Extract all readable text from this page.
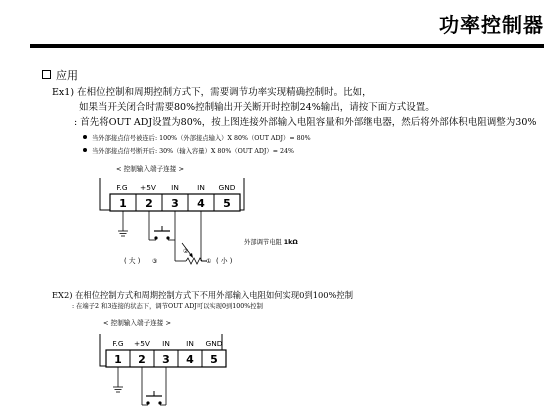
功率控制器
应用
Ex1) 在相位控制和周期控制方式下，需要调节功率实现精确控制时。比如，
如果当开关闭合时需要80%控制输出开关断开时控制24%输出，请按下面方式设置。
: 首先将OUT ADJ设置为80%，按上图连接外部输入电阻容量和外部继电器，然后将外部体积电阻调整为30%
当外部接点信号被连后: 100%（外部接点输入）X 80%（OUT ADJ）= 80%
当外部接点信号断开后: 30%（输入容量）X 80%（OUT ADJ）= 24%
< 控制输入端子连接 >
F.G +5V IN IN GND
1 2 3 4 5
②
③	①
( 大 )	( 小 )
外部调节电阻 1kΩ
EX2) 在相位控制方式和周期控制方式下不用外部输入电阻如何实现0到100%控制
: 在端子2 和3连接的状态下，调节OUT ADJ可以实现0到100%控制
< 控制输入端子连接 >
F.G +5V IN IN GND
1 2 3 4 5
